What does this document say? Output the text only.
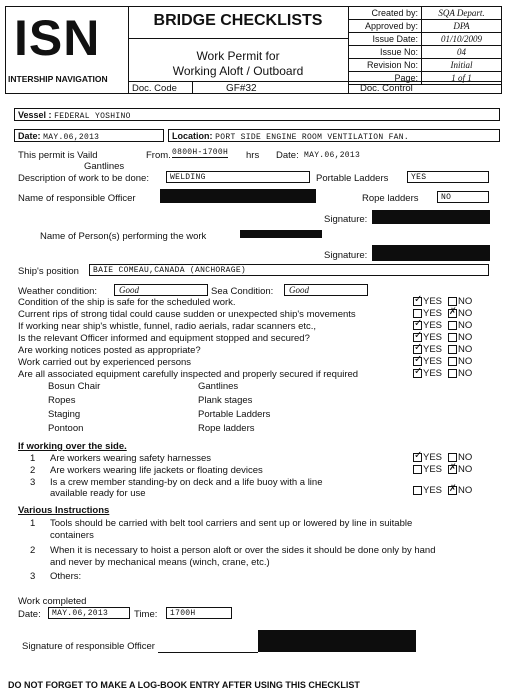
ISN
INTERSHIP NAVIGATION
BRIDGE CHECKLISTS
Work Permit for
Working Aloft / Outboard
Doc. Code	GF#32
Created by:	SQA Depart.
Approved by:	DPA
Issue Date:	01/10/2009
Issue No:	04
Revision No:	Initial
Page:	1 of 1
Doc. Control
Vessel : FEDERAL YOSHINO
Date: MAY.06,2013	Location: PORT SIDE ENGINE ROOM VENTILATION FAN.
This permit is Vaild	From. 0800H-1700H hrs Date: MAY.06,2013
Gantlines
Description of work to be done:	WELDING	Portable Ladders	YES
Name of responsible Officer	Rope ladders	NO
Signature:
Name of Person(s) performing the work
Signature:
Ship's position	BAIE COMEAU,CANADA (ANCHORAGE)
Weather condition:	Good	Sea Condition:	Good
Condition of the ship is safe for the scheduled work. ✓	YES NO
Current rips of strong tidal could cause sudden or unexpected ship's movements	YES ✗ NO
If working near ship's whistle, funnel, radio aerials, radar scanners etc., ✓	YES NO
Is the relevant Officer informed and equipment stopped and secured? ✓	YES NO
Are working notices posted as appropriate? ✓	YES NO
Work carried out by experienced persons ✓	YES NO
Are all associated equipment carefully inspected and properly secured if required ✓	YES NO
Bosun Chair	Gantlines
Ropes	Plank stages
Staging	Portable Ladders
Pontoon	Rope ladders
If working over the side.
1 Are workers wearing safety harnesses ✓	YES NO
2 Are workers wearing life jackets or floating devices	YES ✗ NO
3 Is a crew member standing-by on deck and a life buoy with a line
available ready for use	YES ✗ NO
Various Instructions
1 Tools should be carried with belt tool carriers and sent up or lowered by line in suitable
containers
2 When it is necessary to hoist a person aloft or over the sides it should be done only by hand
and never by mechanical means (winch, crane, etc.)
3 Others:
Work completed
Date:	MAY.06,2013	Time:	1700H
Signature of responsible Officer
DO NOT FORGET TO MAKE A LOG-BOOK ENTRY AFTER USING THIS CHECKLIST
